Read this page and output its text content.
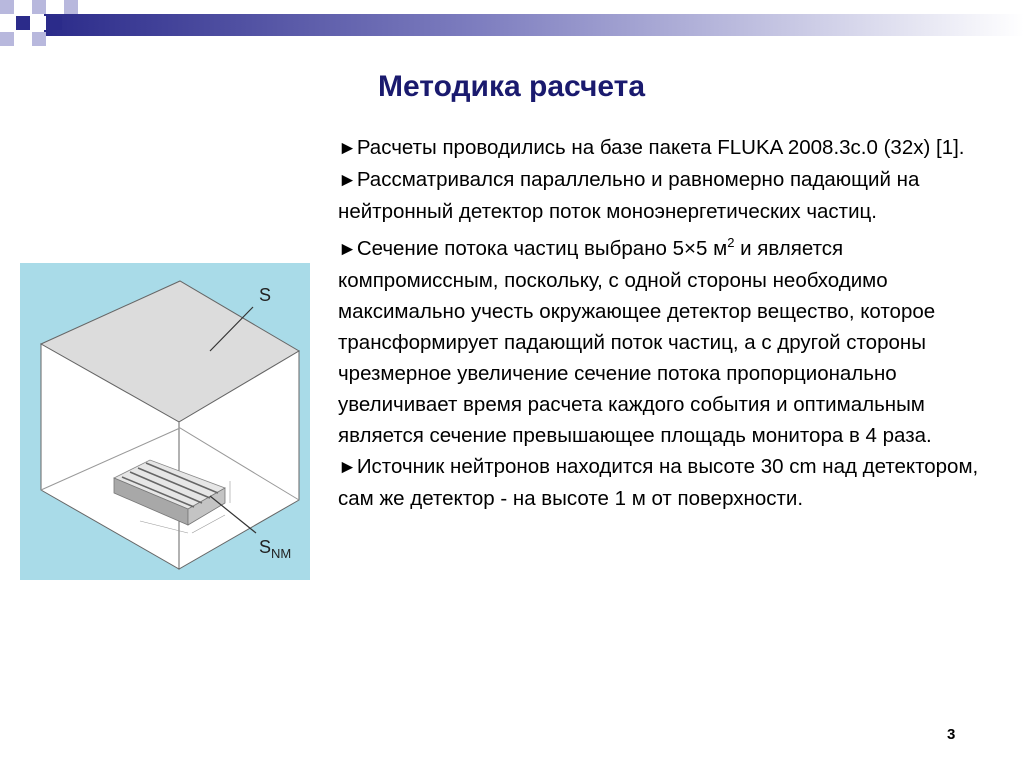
Методика расчета
S
$S_{NM}$

►Расчеты проводились на базе пакета FLUKA 2008.3c.0 (32x) [1].

►Рассматривался параллельно и равномерно падающий на нейтронный детектор поток моноэнергетических частиц.

►Сечение потока частиц выбрано 5×5 $м^2$ и является компромиссным, поскольку, с одной стороны необходимо максимально учесть окружающее детектор вещество, которое трансформирует падающий поток частиц, а с другой стороны чрезмерное увеличение сечение потока пропорционально увеличивает время расчета каждого события и оптимальным является сечение превышающее площадь монитора в 4 раза.

►Источник нейтронов находится на высоте 30 cm над детектором, сам же детектор - на высоте 1 м от поверхности.

3
